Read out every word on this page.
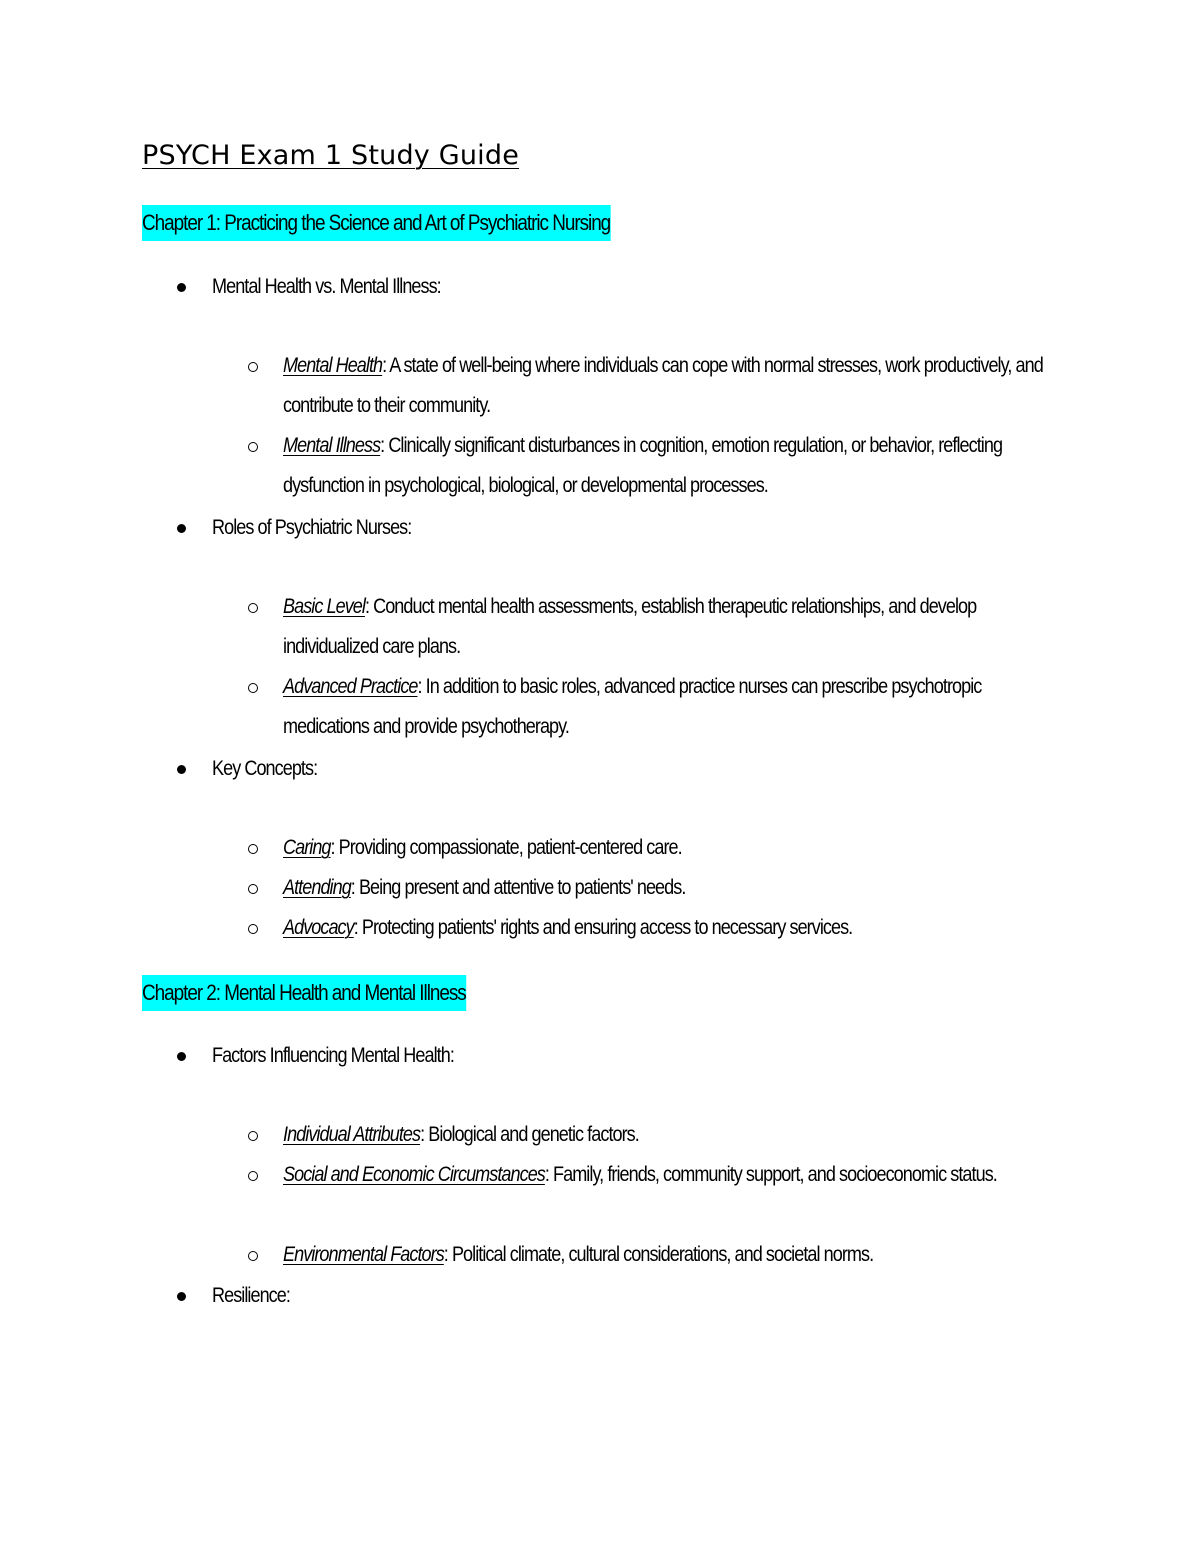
PSYCH Exam 1 Study Guide
Chapter 1: Practicing the Science and Art of Psychiatric Nursing
Mental Health vs. Mental Illness:
Mental Health: A state of well-being where individuals can cope with normal stresses, work productively, and contribute to their community.
Mental Illness: Clinically significant disturbances in cognition, emotion regulation, or behavior, reflecting dysfunction in psychological, biological, or developmental processes.
Roles of Psychiatric Nurses:
Basic Level: Conduct mental health assessments, establish therapeutic relationships, and develop individualized care plans.
Advanced Practice: In addition to basic roles, advanced practice nurses can prescribe psychotropic medications and provide psychotherapy.
Key Concepts:
Caring: Providing compassionate, patient-centered care.
Attending: Being present and attentive to patients' needs.
Advocacy: Protecting patients' rights and ensuring access to necessary services.
Chapter 2: Mental Health and Mental Illness
Factors Influencing Mental Health:
Individual Attributes: Biological and genetic factors.
Social and Economic Circumstances: Family, friends, community support, and socioeconomic status.
Environmental Factors: Political climate, cultural considerations, and societal norms.
Resilience:
